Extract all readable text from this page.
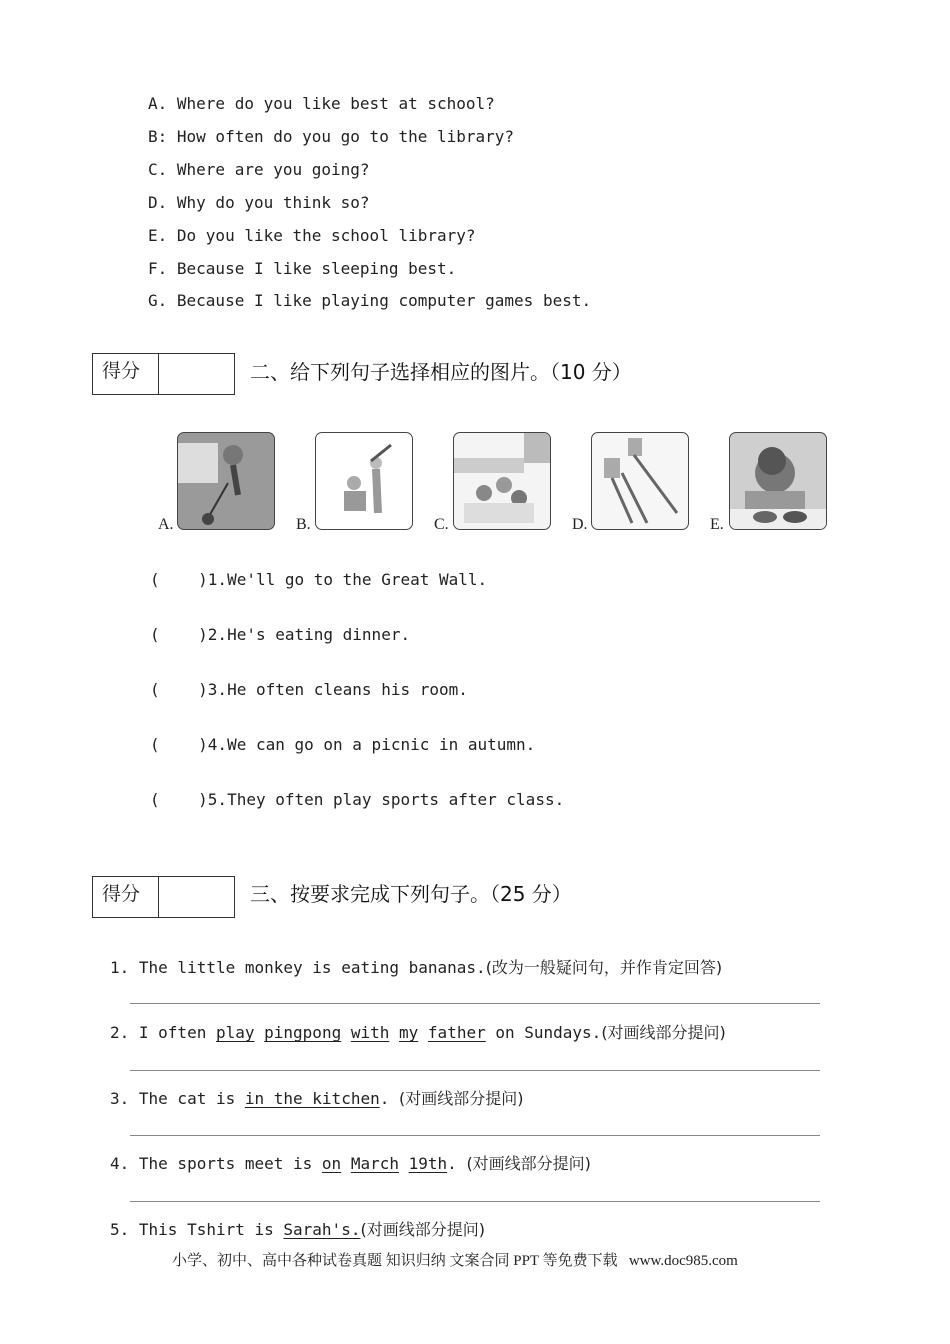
A. Where do you like best at school?
B: How often do you go to the library?
C. Where are you going?
D. Why do you think so?
E. Do you like the school library?
F. Because I like sleeping best.
G. Because I like playing computer games best.
得分	二、给下列句子选择相应的图片。（10 分）
A.	B.	C.	D.	E.
(    )1.We'll go to the Great Wall.
(    )2.He's eating dinner.
(    )3.He often cleans his room.
(    )4.We can go on a picnic in autumn.
(    )5.They often play sports after class.
得分	三、按要求完成下列句子。（25 分）
1. The little monkey is eating bananas.(改为一般疑问句，并作肯定回答)
2. I often play pingpong with my father on Sundays.(对画线部分提问)
3. The cat is in the kitchen. (对画线部分提问)
4. The sports meet is on March 19th. (对画线部分提问)
5. This Tshirt is Sarah's.(对画线部分提问)
小学、初中、高中各种试卷真题 知识归纳 文案合同 PPT 等免费下载   www.doc985.com
